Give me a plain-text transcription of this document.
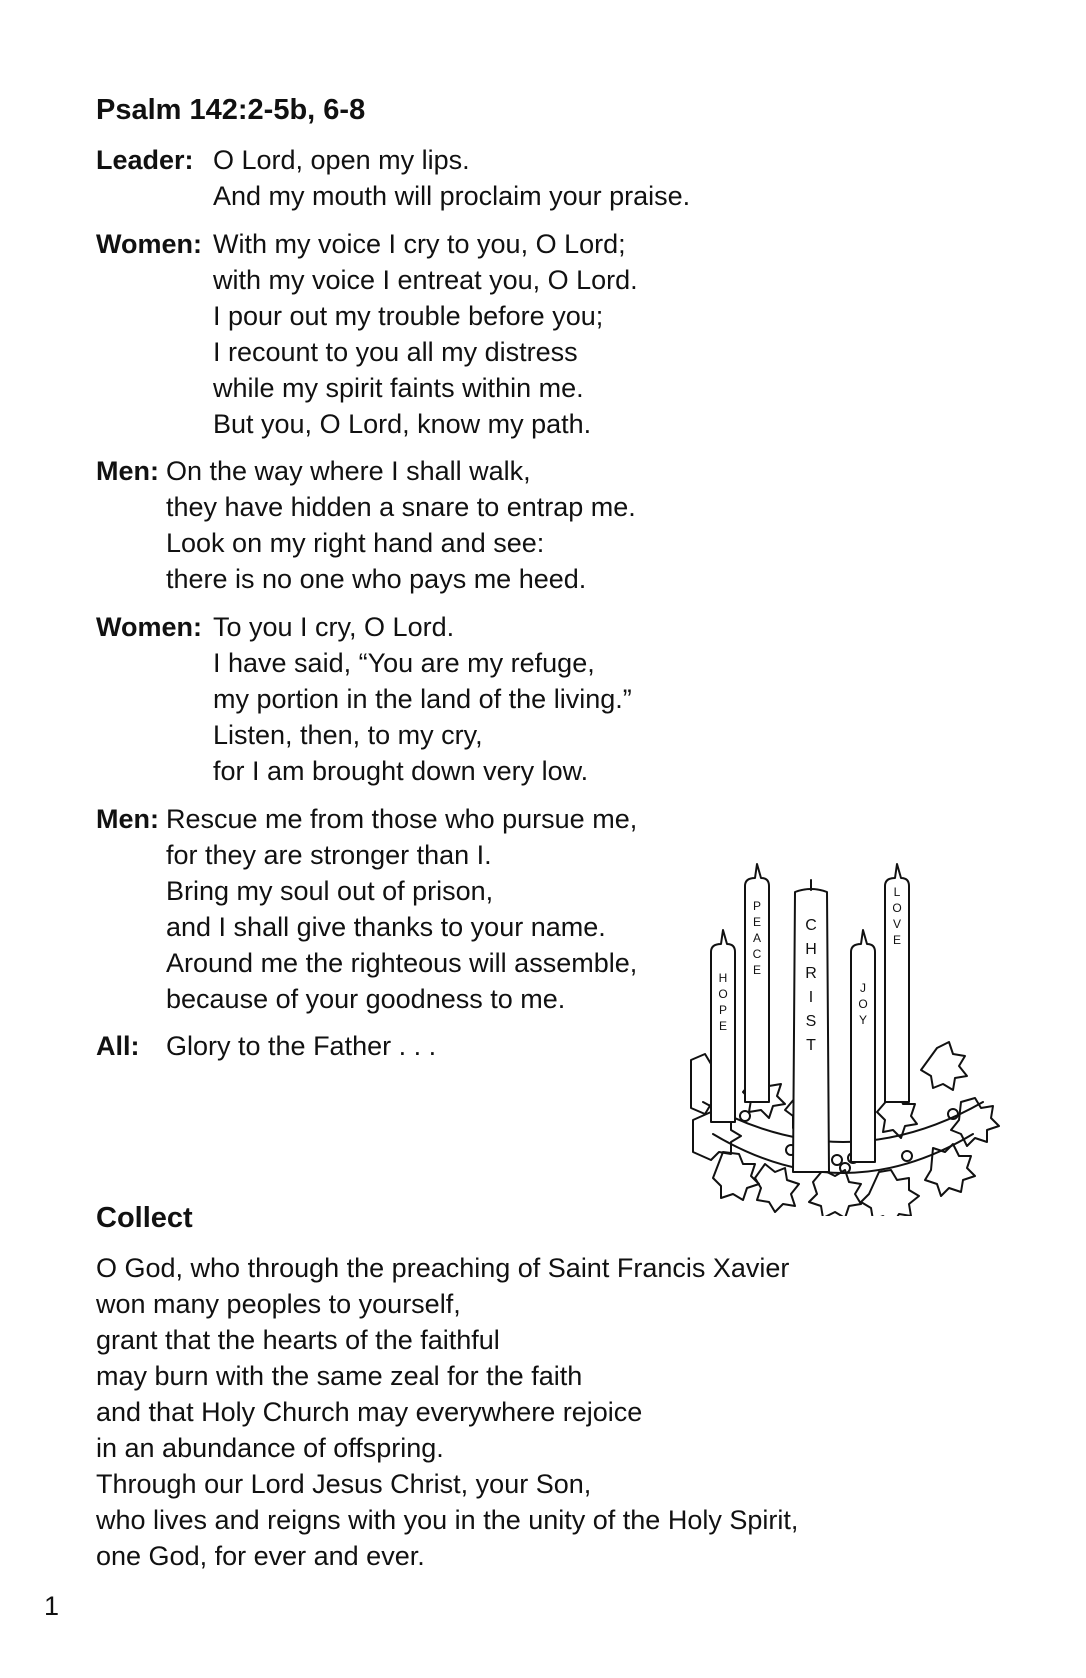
Psalm 142:2-5b, 6-8
Leader: O Lord, open my lips.
And my mouth will proclaim your praise.
Women: With my voice I cry to you, O Lord;
with my voice I entreat you, O Lord.
I pour out my trouble before you;
I recount to you all my distress
while my spirit faints within me.
But you, O Lord, know my path.
Men: On the way where I shall walk,
they have hidden a snare to entrap me.
Look on my right hand and see:
there is no one who pays me heed.
Women: To you I cry, O Lord.
I have said, “You are my refuge,
my portion in the land of the living.”
Listen, then, to my cry,
for I am brought down very low.
Men: Rescue me from those who pursue me,
for they are stronger than I.
Bring my soul out of prison,
and I shall give thanks to your name.
Around me the righteous will assemble,
because of your goodness to me.
All: Glory to the Father . . .
H
O
P
E
P
E
A
C
E
C
H
R
I
S
T
J
O
Y
L
O
V
E
Collect
O God, who through the preaching of Saint Francis Xavier
won many peoples to yourself,
grant that the hearts of the faithful
may burn with the same zeal for the faith
and that Holy Church may everywhere rejoice
in an abundance of offspring.
Through our Lord Jesus Christ, your Son,
who lives and reigns with you in the unity of the Holy Spirit,
one God, for ever and ever.
1
